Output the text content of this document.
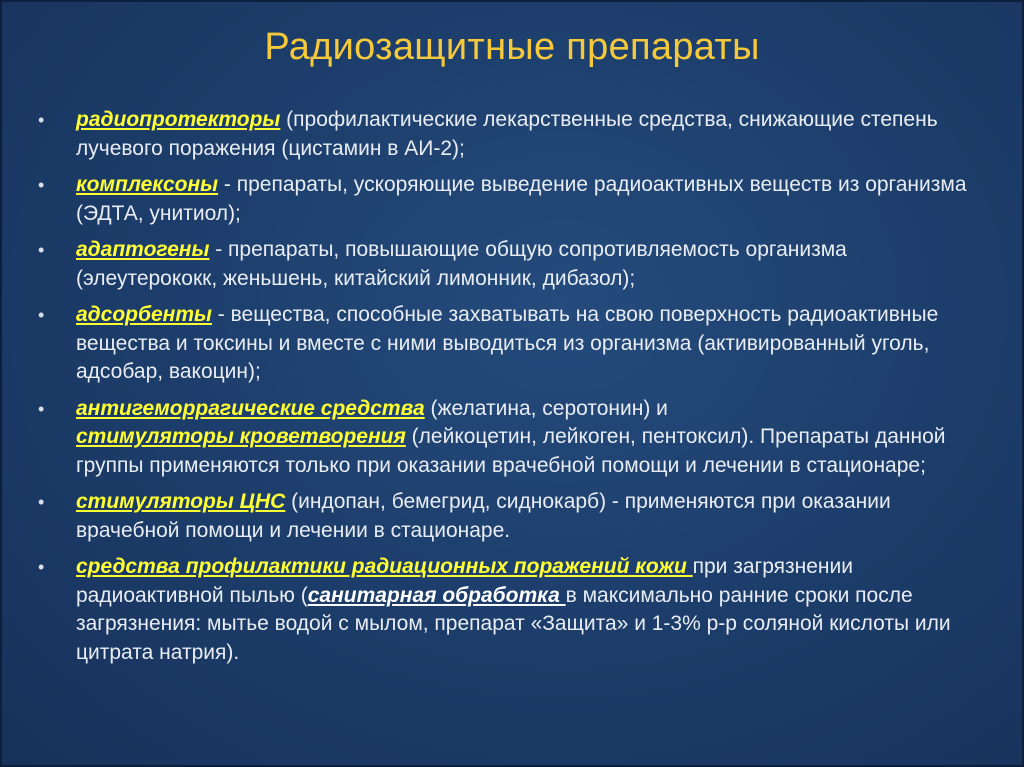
Радиозащитные препараты
• радиопротекторы (профилактические лекарственные средства, снижающие степень лучевого поражения (цистамин в АИ-2);
• комплексоны - препараты, ускоряющие выведение радиоактивных веществ из организма (ЭДТА, унитиол);
• адаптогены - препараты, повышающие общую сопротивляемость организма (элеутерококк, женьшень, китайский лимонник, дибазол);
• адсорбенты - вещества, способные захватывать на свою поверхность радиоактивные вещества и токсины и вместе с ними выводиться из организма (активированный уголь, адсобар, вакоцин);
• антигеморрагические средства (желатина, серотонин) и
стимуляторы кроветворения (лейкоцетин, лейкоген, пентоксил). Препараты данной группы применяются только при оказании врачебной помощи и лечении в стационаре;
• стимуляторы ЦНС (индопан, бемегрид, сиднокарб) - применяются при оказании врачебной помощи и лечении в стационаре.
• средства профилактики радиационных поражений кожи при загрязнении радиоактивной пылью (санитарная обработка в максимально ранние сроки после загрязнения: мытье водой с мылом, препарат «Защита» и 1-3% р-р соляной кислоты или цитрата натрия).
